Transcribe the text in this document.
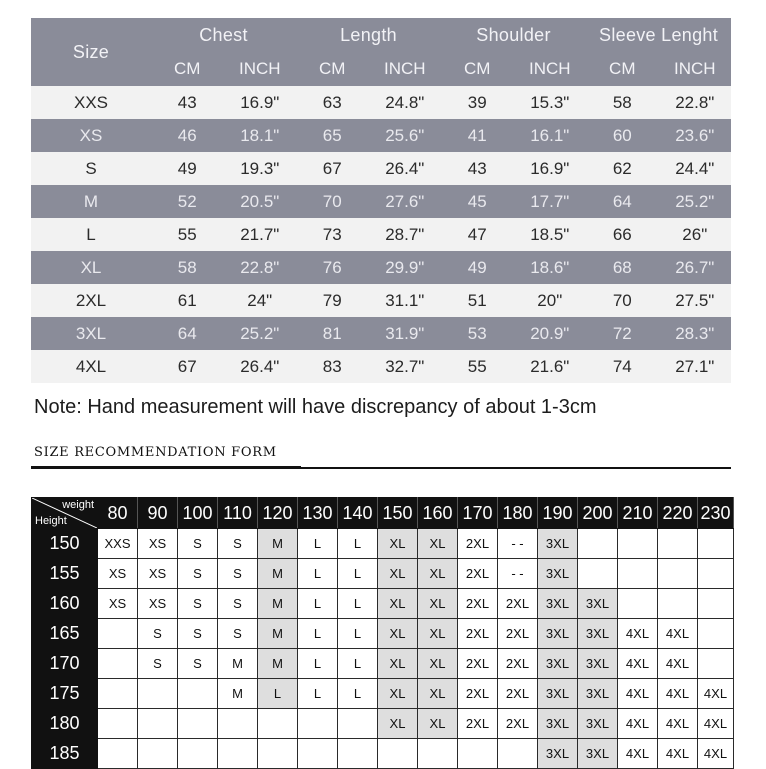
Size	Chest		Length		Shoulder		Sleeve Lenght	
	CM	INCH	CM	INCH	CM	INCH	CM	INCH
XXS	43	16.9"	63	24.8"	39	15.3"	58	22.8"
XS	46	18.1"	65	25.6"	41	16.1"	60	23.6"
S	49	19.3"	67	26.4"	43	16.9"	62	24.4"
M	52	20.5"	70	27.6"	45	17.7"	64	25.2"
L	55	21.7"	73	28.7"	47	18.5"	66	26"
XL	58	22.8"	76	29.9"	49	18.6"	68	26.7"
2XL	61	24"	79	31.1"	51	20"	70	27.5"
3XL	64	25.2"	81	31.9"	53	20.9"	72	28.3"
4XL	67	26.4"	83	32.7"	55	21.6"	74	27.1"
Note: Hand measurement will have discrepancy of about 1-3cm
SIZE RECOMMENDATION FORM
weight
Height	80	90	100	110	120	130	140	150	160	170	180	190	200	210	220	230
150	XXS	XS	S	S	M	L	L	XL	XL	2XL	- -	3XL				
155	XS	XS	S	S	M	L	L	XL	XL	2XL	- -	3XL				
160	XS	XS	S	S	M	L	L	XL	XL	2XL	2XL	3XL	3XL			
165		S	S	S	M	L	L	XL	XL	2XL	2XL	3XL	3XL	4XL	4XL	
170		S	S	M	M	L	L	XL	XL	2XL	2XL	3XL	3XL	4XL	4XL	
175				M	L	L	L	XL	XL	2XL	2XL	3XL	3XL	4XL	4XL	4XL
180								XL	XL	2XL	2XL	3XL	3XL	4XL	4XL	4XL
185												3XL	3XL	4XL	4XL	4XL
